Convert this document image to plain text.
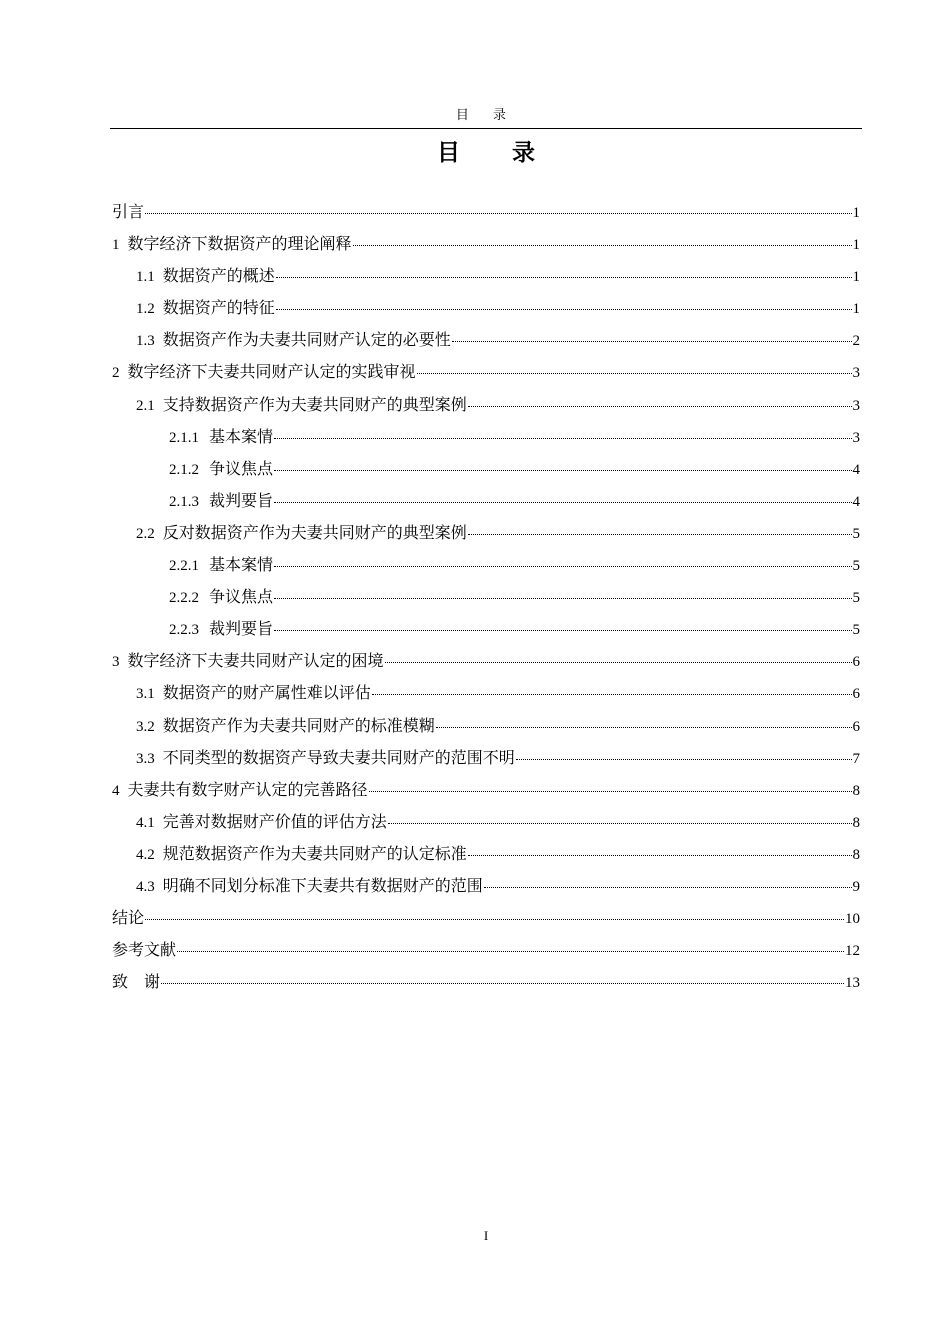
目 录
目 录
引言	1
1 数字经济下数据资产的理论阐释	1
1.1 数据资产的概述	1
1.2 数据资产的特征	1
1.3 数据资产作为夫妻共同财产认定的必要性	2
2 数字经济下夫妻共同财产认定的实践审视	3
2.1 支持数据资产作为夫妻共同财产的典型案例	3
2.1.1 基本案情	3
2.1.2 争议焦点	4
2.1.3 裁判要旨	4
2.2 反对数据资产作为夫妻共同财产的典型案例	5
2.2.1 基本案情	5
2.2.2 争议焦点	5
2.2.3 裁判要旨	5
3 数字经济下夫妻共同财产认定的困境	6
3.1 数据资产的财产属性难以评估	6
3.2 数据资产作为夫妻共同财产的标准模糊	6
3.3 不同类型的数据资产导致夫妻共同财产的范围不明	7
4 夫妻共有数字财产认定的完善路径	8
4.1 完善对数据财产价值的评估方法	8
4.2 规范数据资产作为夫妻共同财产的认定标准	8
4.3 明确不同划分标准下夫妻共有数据财产的范围	9
结论	10
参考文献	12
致　谢	13
I
